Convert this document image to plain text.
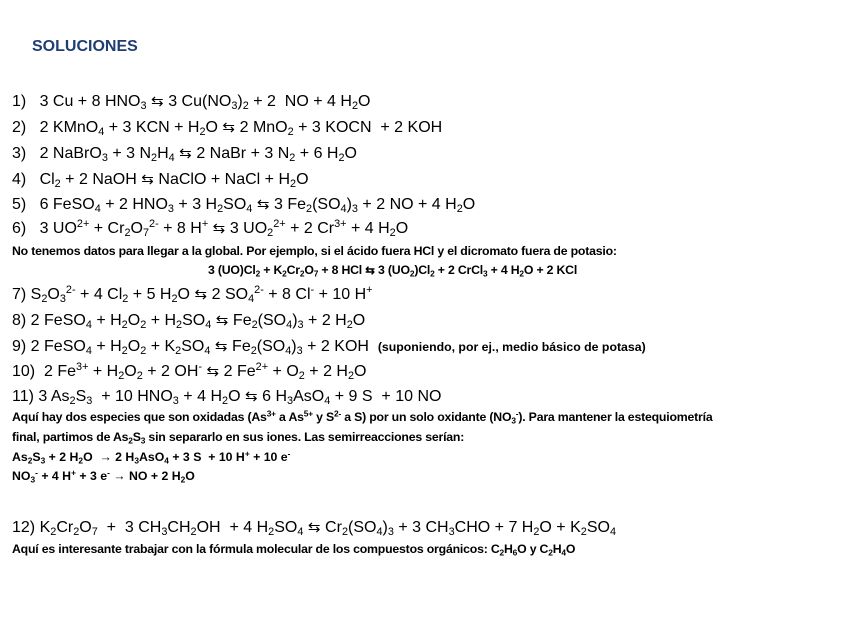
SOLUCIONES
1)   3 Cu + 8 $HNO_3$ ⇆ 3 $Cu(NO_3)_2 + 2$  NO + 4 $H_2O$
2)   2 KMnO$_4$ + 3 KCN + $H_2O$ ⇆ 2 MnO$_2$ + 3 KOCN  + 2 KOH
3)   2 NaBrO$_3$ + 3 $N_2H_4$ ⇆ 2 NaBr + 3 $N_2 + 6$ $H_2O$
4)   $Cl_2 + 2$ NaOH ⇆ NaClO + NaCl + $H_2O$
5)   6 FeSO$_4$ + 2 $HNO_3 + 3$ $H_2SO_4$ ⇆ 3 $Fe_2(SO_4)_3 + 2$ NO + 4 $H_2O$
6)   3 $UO^{2+} + Cr_2O_7^{2-} + 8$ H+ ⇆ 3 $UO_2^{2+} + 2$ $Cr^{3+} + 4$ $H_2O$
No tenemos datos para llegar a la global. Por ejemplo, si el ácido fuera HCl y el dicromato fuera de potasio:
3 $(UO)Cl_2 + K_2Cr_2O_7 + 8$ HCl ⇆ 3 $(UO_2)Cl_2 + 2$ CrCl$_3$ + 4 $H_2O + 2$ KCl
7) $S_2O_3^{2-} + 4$ $Cl_2 + 5$ $H_2O$ ⇆ 2 $SO_4^{2-} + 8$ Cl- + 10 H+
8) 2 FeSO$_4$ + $H_2O_2 + H_2SO_4$ ⇆ $Fe_2(SO_4)_3 + 2$ $H_2O$
9) 2 FeSO$_4$ + $H_2O_2 + K_2SO_4$ ⇆ $Fe_2(SO_4)_3 + 2$ KOH  (suponiendo, por ej., medio básico de potasa)
10)  2 $Fe^{3+} + H_2O_2 + 2$ OH- ⇆ 2 $Fe^{2+} + O_2 + 2$ $H_2O$
11) 3 $As_2S_3 + 10$ $HNO_3 + 4$ $H_2O$ ⇆ 6 $H_3AsO_4 + 9$ S  + 10 NO
Aquí hay dos especies que son oxidadas ($As^{3+}$ a $As^{5+}$ y $S^{2-}$ a S) por un solo oxidante $(NO_3^-)$. Para mantener la estequiometría
final, partimos de $As_2S_3$ sin separarlo en sus iones. Las semirreacciones serían:
$As_2S_3 + 2$ $H_2O \to 2$ $H_3AsO_4 + 3$ S  + 10 H+ + 10 e-
$NO_3^- + 4$ H+ + 3 e- → NO + 2 $H_2O$
12) $K_2Cr_2O_7 + 3$ $CH_3CH_2OH + 4$ $H_2SO_4$ ⇆ $Cr_2(SO_4)_3 + 3$ $CH_3CHO + 7$ $H_2O + K_2SO_4$
Aquí es interesante trabajar con la fórmula molecular de los compuestos orgánicos: $C_2H_6O$ y $C_2H_4O$
